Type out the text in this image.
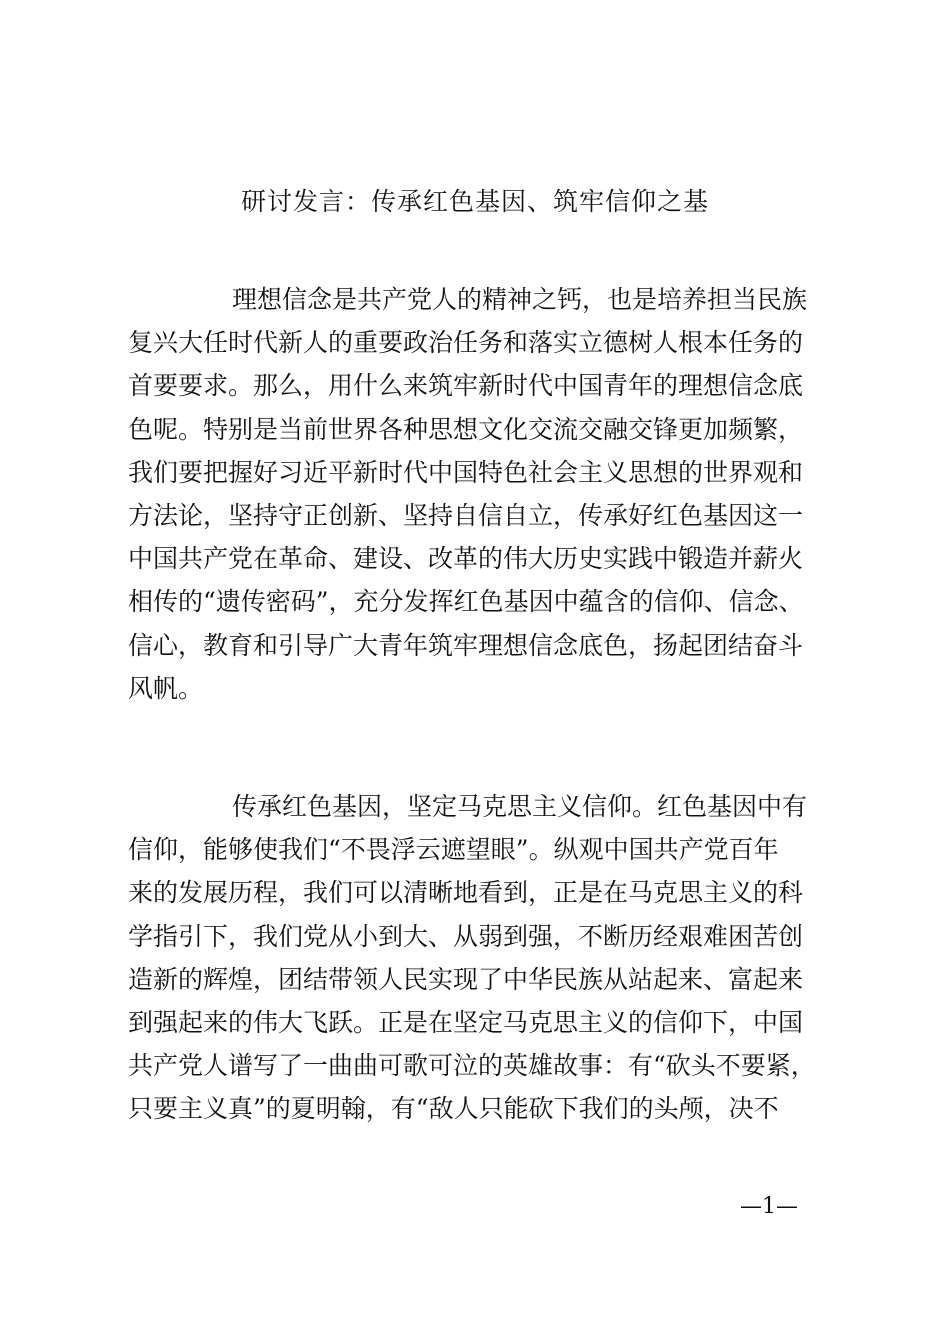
研讨发言：传承红色基因、筑牢信仰之基
理想信念是共产党人的精神之钙，也是培养担当民族
复兴大任时代新人的重要政治任务和落实立德树人根本任务的
首要要求。那么，用什么来筑牢新时代中国青年的理想信念底
色呢。特别是当前世界各种思想文化交流交融交锋更加频繁，
我们要把握好习近平新时代中国特色社会主义思想的世界观和
方法论，坚持守正创新、坚持自信自立，传承好红色基因这一
中国共产党在革命、建设、改革的伟大历史实践中锻造并薪火
相传的“遗传密码”，充分发挥红色基因中蕴含的信仰、信念、
信心，教育和引导广大青年筑牢理想信念底色，扬起团结奋斗
风帆。
传承红色基因，坚定马克思主义信仰。红色基因中有
信仰，能够使我们“不畏浮云遮望眼”。纵观中国共产党百年
来的发展历程，我们可以清晰地看到，正是在马克思主义的科
学指引下，我们党从小到大、从弱到强，不断历经艰难困苦创
造新的辉煌，团结带领人民实现了中华民族从站起来、富起来
到强起来的伟大飞跃。正是在坚定马克思主义的信仰下，中国
共产党人谱写了一曲曲可歌可泣的英雄故事：有“砍头不要紧，
只要主义真”的夏明翰，有“敌人只能砍下我们的头颅，决不
—1—
